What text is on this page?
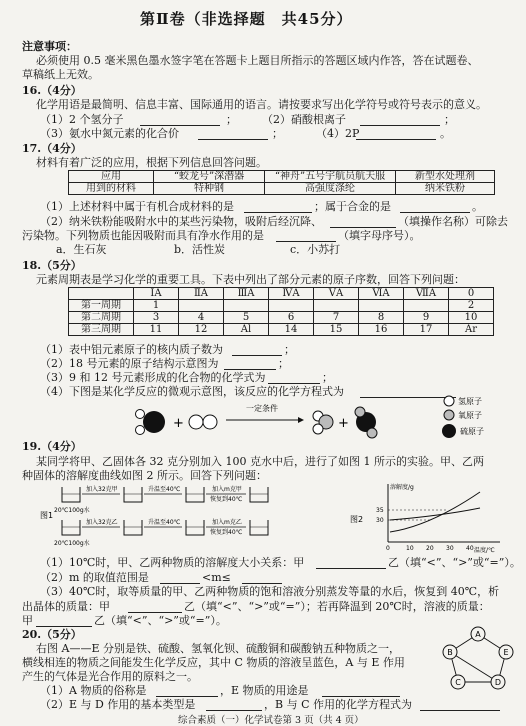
第Ⅱ卷（非选择题　共45分）
注意事项：
必须使用 0.5 毫米黑色墨水签字笔在答题卡上题目所指示的答题区域内作答，答在试题卷、
草稿纸上无效。
16.（4分）
化学用语是最简明、信息丰富、国际通用的语言。请按要求写出化学符号或符号表示的意义。
（1）2 个氢分子	； （2）硝酸根离子	；
（3）氨水中氮元素的化合价	；	（4）2P	。
17.（4分）
材料有着广泛的应用，根据下列信息回答问题。
应用	“蛟龙号”深潜器	“神舟”五号宇航员航天服	新型水处理剂
用到的材料	特种钢	高强度涤纶	纳米铁粉
（1）上述材料中属于有机合成材料的是	；属于合金的是	。
（2）纳米铁粉能吸附水中的某些污染物，吸附后经沉降、	（填操作名称）可除去
污染物。下列物质也能因吸附而具有净水作用的是	（填字母序号）。
a．生石灰	b．活性炭	c．小苏打
18.（5分）
元素周期表是学习化学的重要工具。下表中列出了部分元素的原子序数，回答下列问题：
	ⅠA	ⅡA	ⅢA	ⅣA	ⅤA	ⅥA	ⅦA	0
第一周期	1							2
第二周期	3	4	5	6	7	8	9	10
第三周期	11	12	Al	14	15	16	17	Ar
（1）表中铝元素原子的核内质子数为	；
（2）18 号元素的原子结构示意图为	；
（3）9 和 12 号元素形成的化合物的化学式为	；
（4）下图是某化学反应的微观示意图，该反应的化学方程式为
+
一定条件
+
氢原子
氧原子
硫原子
19.（4分）
某同学将甲、乙固体各 32 克分别加入 100 克水中后，进行了如图 1 所示的实验。甲、乙两
种固体的溶解度曲线如图 2 所示。回答下列问题：
图1
加入32克甲	升温至40℃	加入m克甲
恢复到40℃
20℃100g水
加入32克乙	升温至40℃	加入m克乙
恢复到40℃
20℃100g水
图2
溶解度/g
温度/℃
35
30
0	10 20 30 40
（1）10℃时，甲、乙两种物质的溶解度大小关系：甲	乙（填“<”、“>”或“=”）。
（2）m 的取值范围是	<m≤
（3）40℃时，取等质量的甲、乙两种物质的饱和溶液分别蒸发等量的水后，恢复到 40℃，析
出晶体的质量：甲	乙（填“<”、“>”或“=”）；若再降温到 20℃时，溶液的质量：
甲	乙（填“<”、“>”或“=”）。
20.（5分）
右图 A——E 分别是铁、硫酸、氢氧化钡、硫酸铜和碳酸钠五种物质之一，
横线相连的物质之间能发生化学反应，其中 C 物质的溶液呈蓝色，A 与 E 作用
产生的气体是光合作用的原料之一。
（1）A 物质的俗称是	，E 物质的用途是
（2）E 与 D 作用的基本类型是	，B 与 C 作用的化学方程式为
A
B
C	D
E
综合素质（一）化学试卷第 3 页（共 4 页）
